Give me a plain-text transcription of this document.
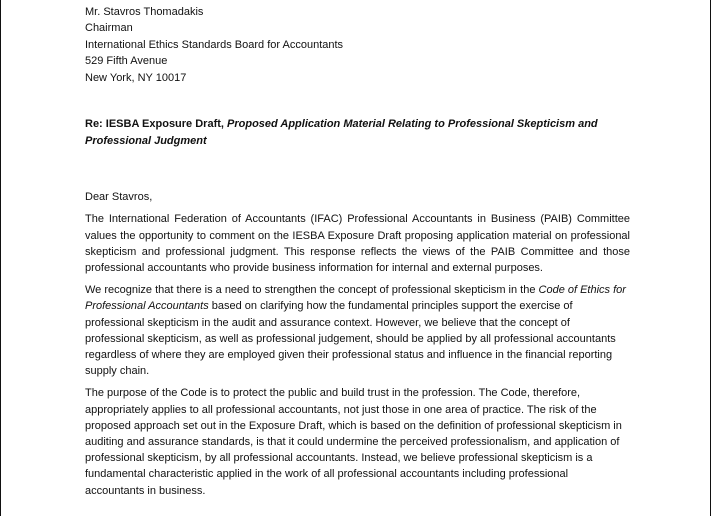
Mr. Stavros Thomadakis
Chairman
International Ethics Standards Board for Accountants
529 Fifth Avenue
New York, NY 10017
Re: IESBA Exposure Draft, Proposed Application Material Relating to Professional Skepticism and Professional Judgment
Dear Stavros,
The International Federation of Accountants (IFAC) Professional Accountants in Business (PAIB) Committee values the opportunity to comment on the IESBA Exposure Draft proposing application material on professional skepticism and professional judgment. This response reflects the views of the PAIB Committee and those professional accountants who provide business information for internal and external purposes.
We recognize that there is a need to strengthen the concept of professional skepticism in the Code of Ethics for Professional Accountants based on clarifying how the fundamental principles support the exercise of professional skepticism in the audit and assurance context. However, we believe that the concept of professional skepticism, as well as professional judgement, should be applied by all professional accountants regardless of where they are employed given their professional status and influence in the financial reporting supply chain.
The purpose of the Code is to protect the public and build trust in the profession. The Code, therefore, appropriately applies to all professional accountants, not just those in one area of practice. The risk of the proposed approach set out in the Exposure Draft, which is based on the definition of professional skepticism in auditing and assurance standards, is that it could undermine the perceived professionalism, and application of professional skepticism, by all professional accountants. Instead, we believe professional skepticism is a fundamental characteristic applied in the work of all professional accountants including professional accountants in business.
